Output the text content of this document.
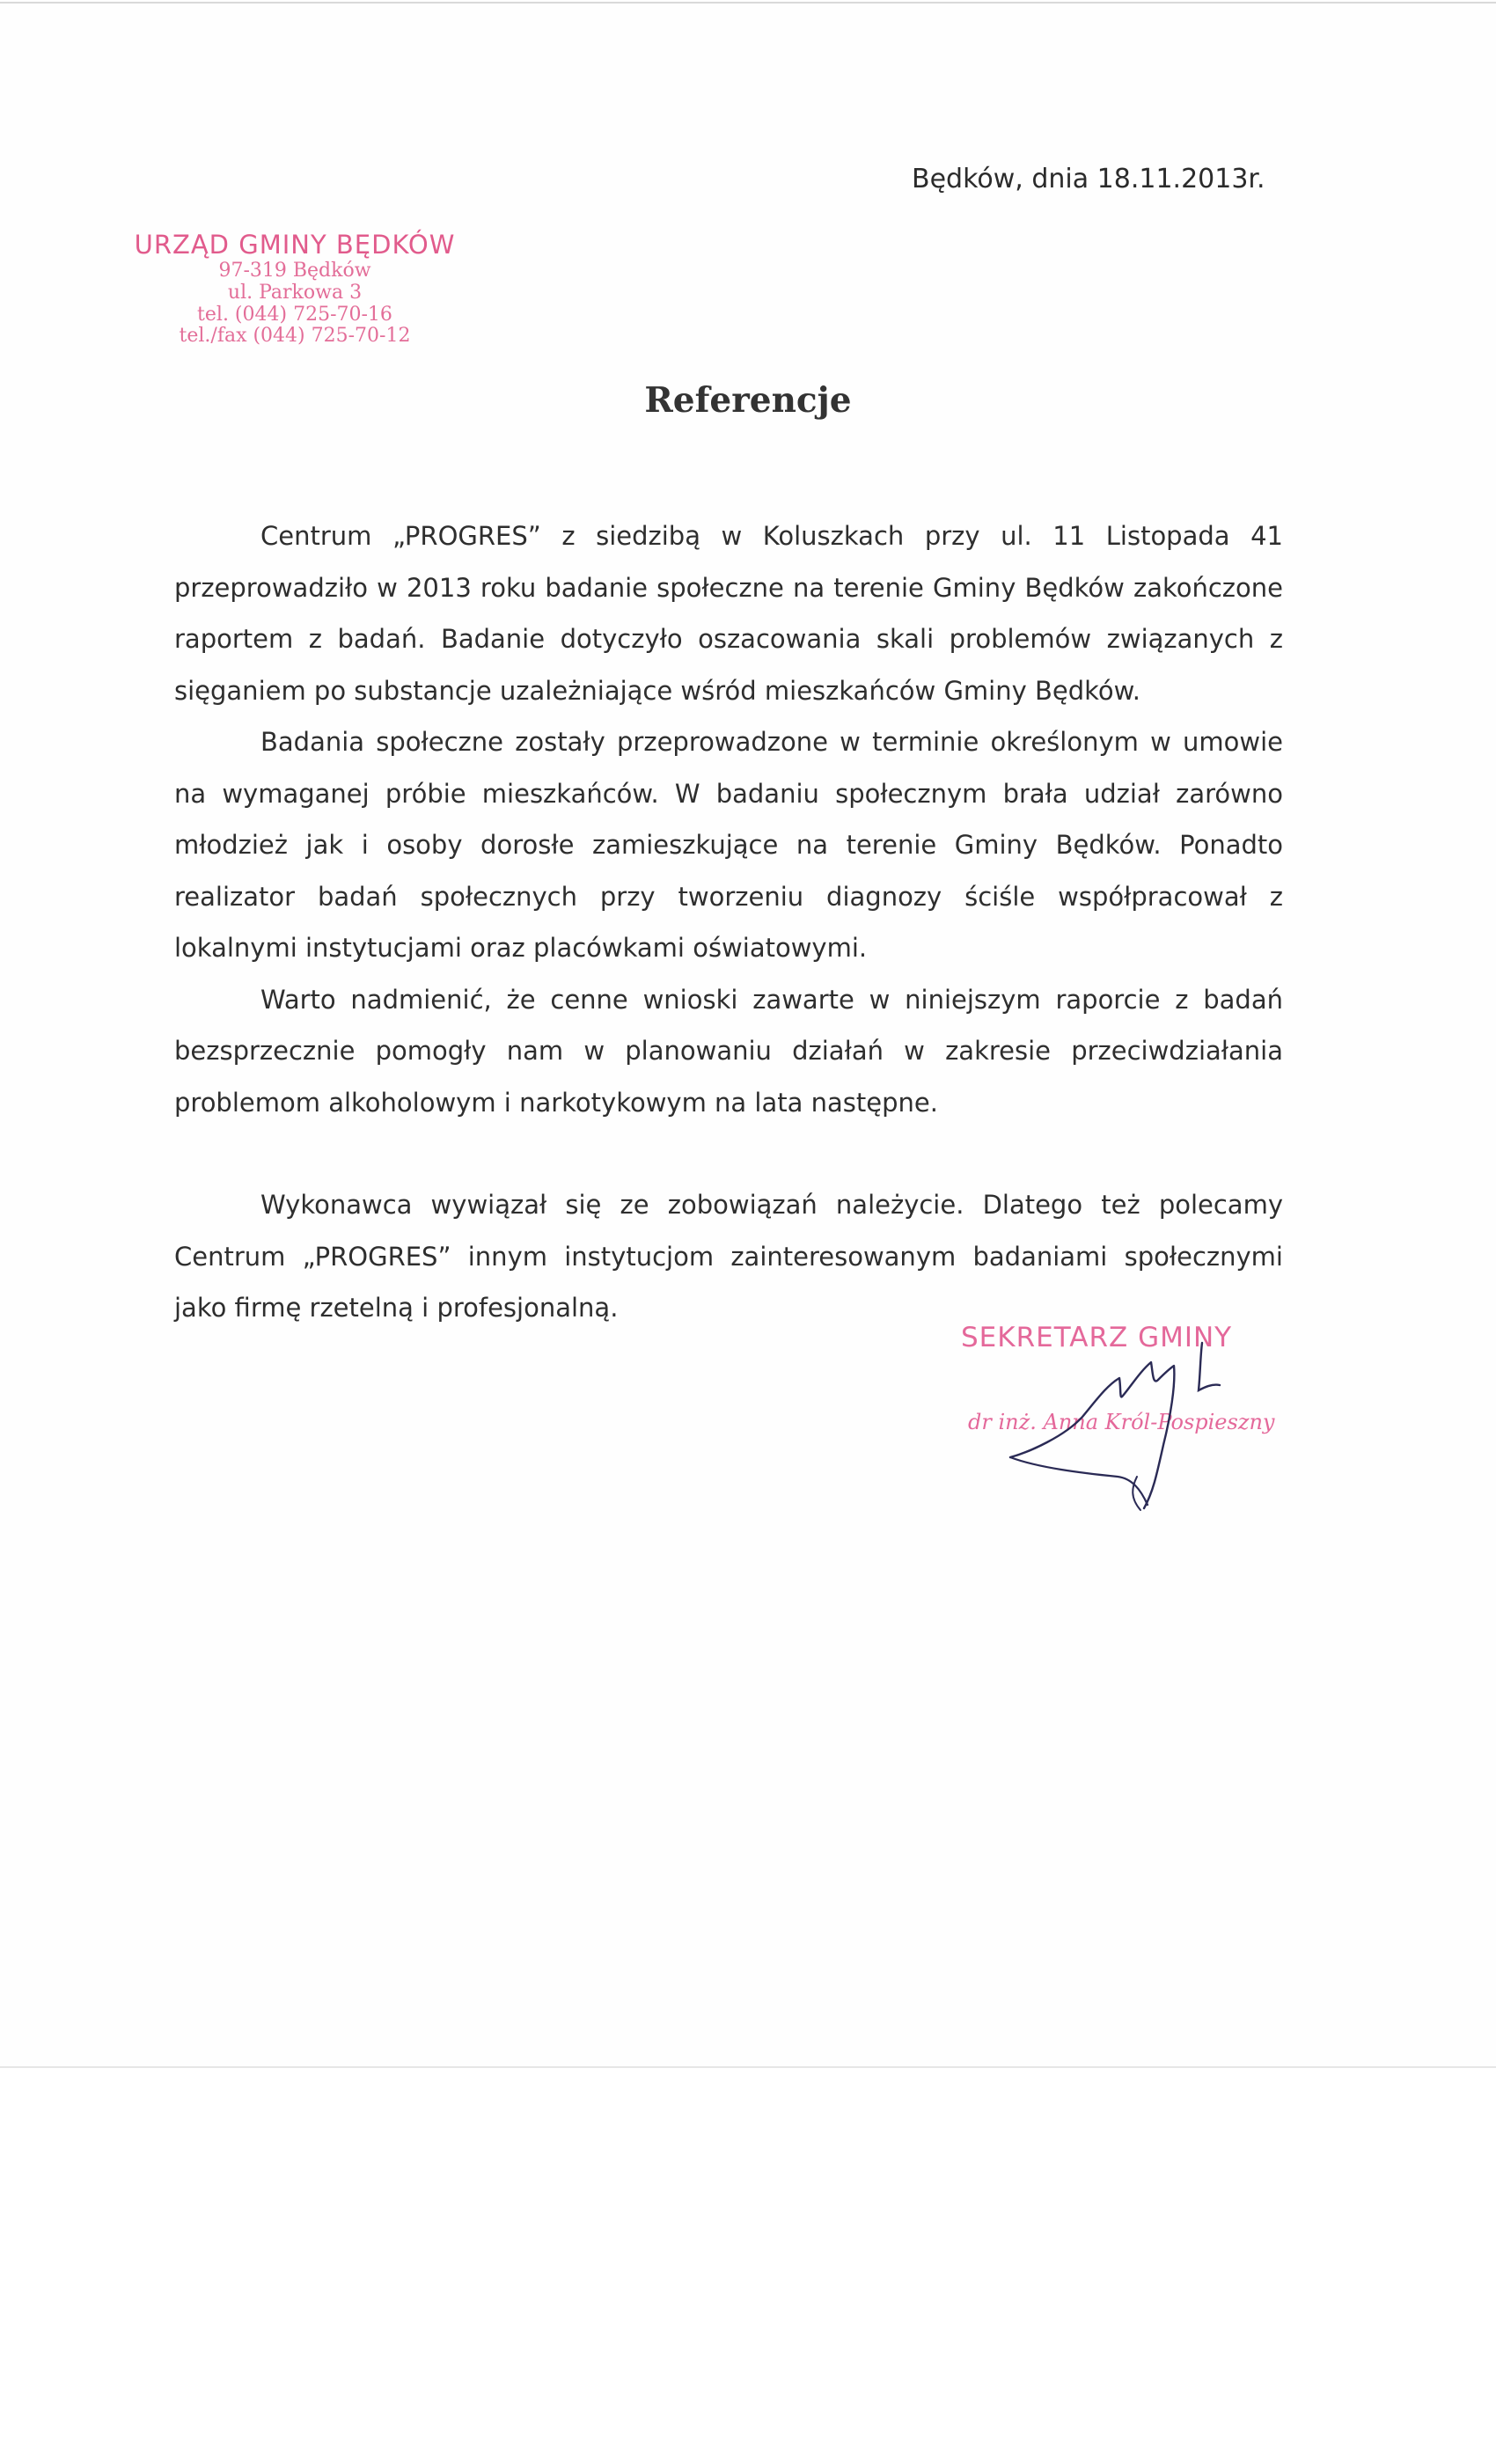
Będków, dnia 18.11.2013r.
URZĄD GMINY BĘDKÓW
97-319 Będków
ul. Parkowa 3
tel. (044) 725-70-16
tel./fax (044) 725-70-12
Referencje

Centrum „PROGRES” z siedzibą w Koluszkach przy ul. 11 Listopada 41 przeprowadziło w 2013 roku badanie społeczne na terenie Gminy Będków zakończone raportem z badań. Badanie dotyczyło oszacowania skali problemów związanych z sięganiem po substancje uzależniające wśród mieszkańców Gminy Będków.

Badania społeczne zostały przeprowadzone w terminie określonym w umowie na wymaganej próbie mieszkańców. W badaniu społecznym brała udział zarówno młodzież jak i osoby dorosłe zamieszkujące na terenie Gminy Będków. Ponadto realizator badań społecznych przy tworzeniu diagnozy ściśle współpracował z lokalnymi instytucjami oraz placówkami oświatowymi.

Warto nadmienić, że cenne wnioski zawarte w niniejszym raporcie z badań bezsprzecznie pomogły nam w planowaniu działań w zakresie przeciwdziałania problemom alkoholowym i narkotykowym na lata następne.

Wykonawca wywiązał się ze zobowiązań należycie. Dlatego też polecamy Centrum „PROGRES” innym instytucjom zainteresowanym badaniami społecznymi jako firmę rzetelną i profesjonalną.

SEKRETARZ GMINY
dr inż. Anna Król-Pospieszny
